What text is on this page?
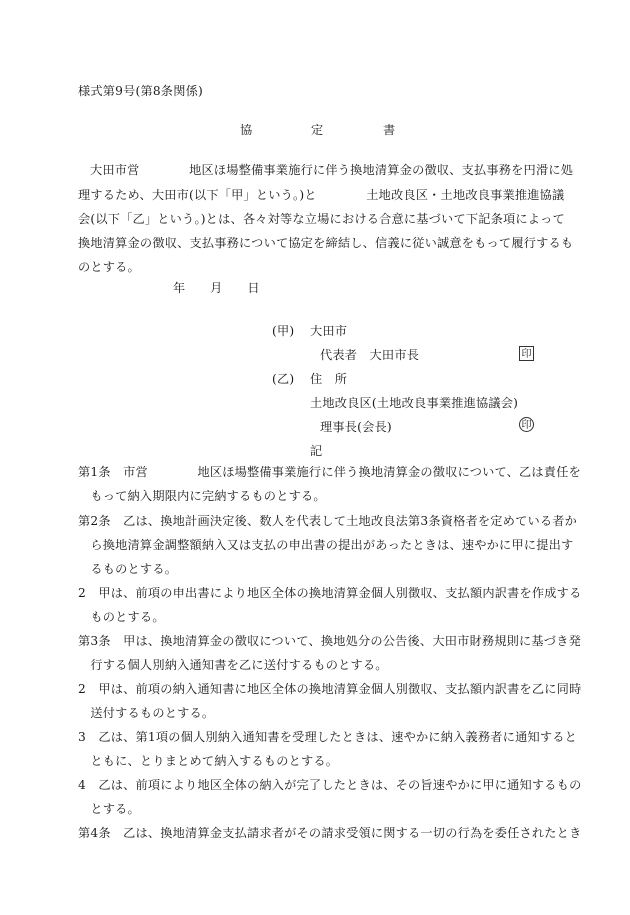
様式第9号(第8条関係)
協	定	書
大田市営　　　　地区ほ場整備事業施行に伴う換地清算金の徴収、支払事務を円滑に処
理するため、大田市(以下「甲」という。)と　　　　土地改良区・土地改良事業推進協議
会(以下「乙」という。)とは、各々対等な立場における合意に基づいて下記条項によって
換地清算金の徴収、支払事務について協定を締結し、信義に従い誠意をもって履行するも
のとする。
年　　月　　日
(甲) 大田市
代表者　大田市長	印
(乙) 住　所
土地改良区(土地改良事業推進協議会)
理事長(会長)	印
記
第1条　市営　　　　地区ほ場整備事業施行に伴う換地清算金の徴収について、乙は責任を
　もって納入期限内に完納するものとする。
第2条　乙は、換地計画決定後、数人を代表して土地改良法第3条資格者を定めている者か
　ら換地清算金調整額納入又は支払の申出書の提出があったときは、速やかに甲に提出す
　るものとする。
2　甲は、前項の申出書により地区全体の換地清算金個人別徴収、支払額内訳書を作成する
　ものとする。
第3条　甲は、換地清算金の徴収について、換地処分の公告後、大田市財務規則に基づき発
　行する個人別納入通知書を乙に送付するものとする。
2　甲は、前項の納入通知書に地区全体の換地清算金個人別徴収、支払額内訳書を乙に同時
　送付するものとする。
3　乙は、第1項の個人別納入通知書を受理したときは、速やかに納入義務者に通知すると
　ともに、とりまとめて納入するものとする。
4　乙は、前項により地区全体の納入が完了したときは、その旨速やかに甲に通知するもの
　とする。
第4条　乙は、換地清算金支払請求者がその請求受領に関する一切の行為を委任されたとき
